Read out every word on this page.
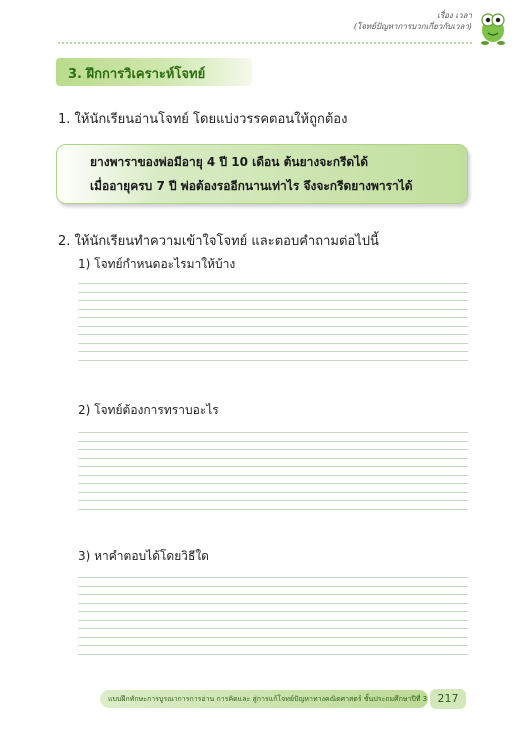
เรื่อง เวลา
(โจทย์ปัญหาการบวกเกี่ยวกับเวลา)
3. ฝึกการวิเคราะห์โจทย์
1. ให้นักเรียนอ่านโจทย์ โดยแบ่งวรรคตอนให้ถูกต้อง
ยางพาราของพ่อมีอายุ 4 ปี 10 เดือน ต้นยางจะกรีดได้
เมื่ออายุครบ 7 ปี พ่อต้องรออีกนานเท่าไร จึงจะกรีดยางพาราได้
2. ให้นักเรียนทำความเข้าใจโจทย์ และตอบคำถามต่อไปนี้
1) โจทย์กำหนดอะไรมาให้บ้าง
2) โจทย์ต้องการทราบอะไร
3) หาคำตอบได้โดยวิธีใด
แบบฝึกทักษะการบูรณาการการอ่าน การคิดและ สู่การแก้โจทย์ปัญหาทางคณิตศาสตร์ ชั้นประถมศึกษาปีที่ 3 217
